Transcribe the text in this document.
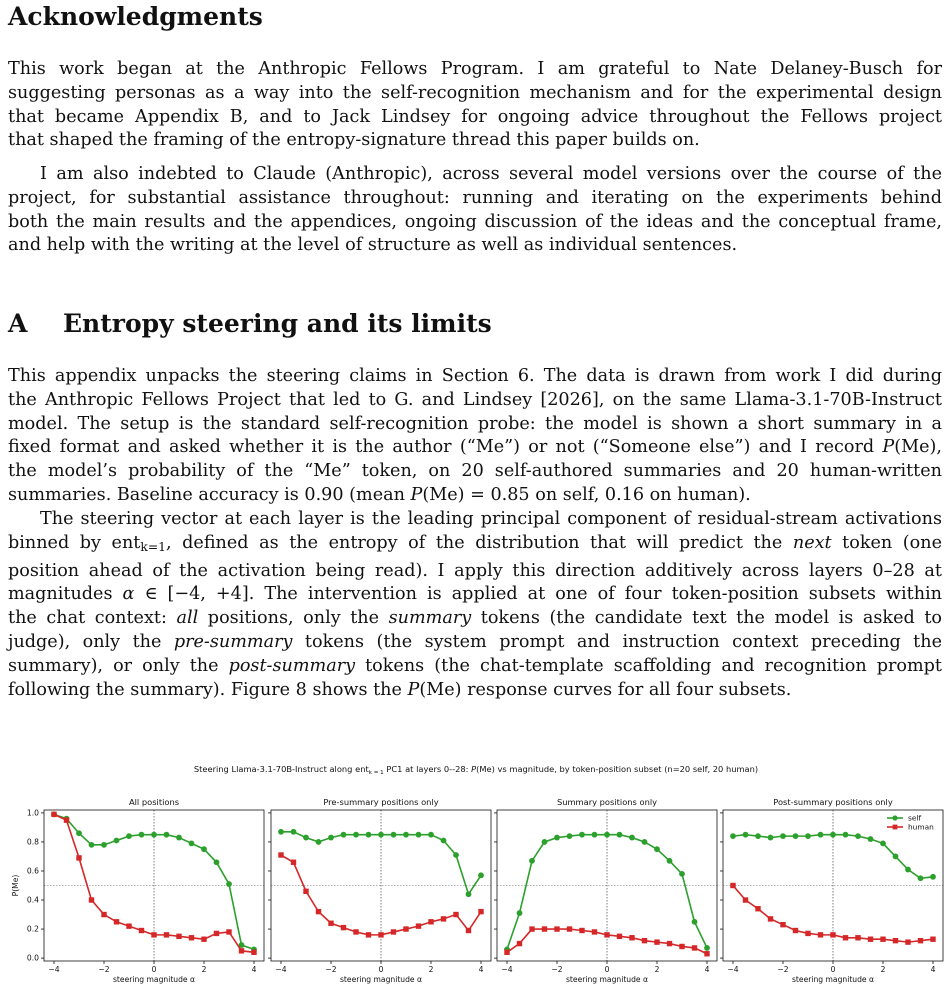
Acknowledgments

This work began at the Anthropic Fellows Program. I am grateful to Nate Delaney-Busch for
suggesting personas as a way into the self-recognition mechanism and for the experimental design
that became Appendix B, and to Jack Lindsey for ongoing advice throughout the Fellows project
that shaped the framing of the entropy-signature thread this paper builds on.

I am also indebted to Claude (Anthropic), across several model versions over the course of the
project, for substantial assistance throughout: running and iterating on the experiments behind
both the main results and the appendices, ongoing discussion of the ideas and the conceptual frame,
and help with the writing at the level of structure as well as individual sentences.

A Entropy steering and its limits

This appendix unpacks the steering claims in Section 6. The data is drawn from work I did during
the Anthropic Fellows Project that led to G. and Lindsey [2026], on the same Llama-3.1-70B-Instruct
model. The setup is the standard self-recognition probe: the model is shown a short summary in a
fixed format and asked whether it is the author (“Me”) or not (“Someone else”) and I record P(Me),
the model’s probability of the “Me” token, on 20 self-authored summaries and 20 human-written
summaries. Baseline accuracy is 0.90 (mean P(Me) = 0.85 on self, 0.16 on human).

The steering vector at each layer is the leading principal component of residual-stream activations
binned by ent$_{k=1}$, defined as the entropy of the distribution that will predict the next token (one
position ahead of the activation being read). I apply this direction additively across layers 0–28 at
magnitudes α ∈ [−4, +4]. The intervention is applied at one of four token-position subsets within
the chat context: all positions, only the summary tokens (the candidate text the model is asked to
judge), only the pre-summary tokens (the system prompt and instruction context preceding the
summary), or only the post-summary tokens (the chat-template scaffolding and recognition prompt
following the summary). Figure 8 shows the P(Me) response curves for all four subsets.

Steering Llama-3.1-70B-Instruct along ent$_{k = 1}$ PC1 at layers 0--28: P(Me) vs magnitude, by token-position subset (n=20 self, 20 human)
All positions
−4	−2	0	2	4
steering magnitude α
0.0
0.2
0.4
0.6
0.8
1.0
P(Me)
Pre-summary positions only
−4	−2	0	2	4
steering magnitude α
Summary positions only
−4	−2	0	2	4
steering magnitude α
Post-summary positions only
−4	−2	0	2	4
steering magnitude α
self
human
